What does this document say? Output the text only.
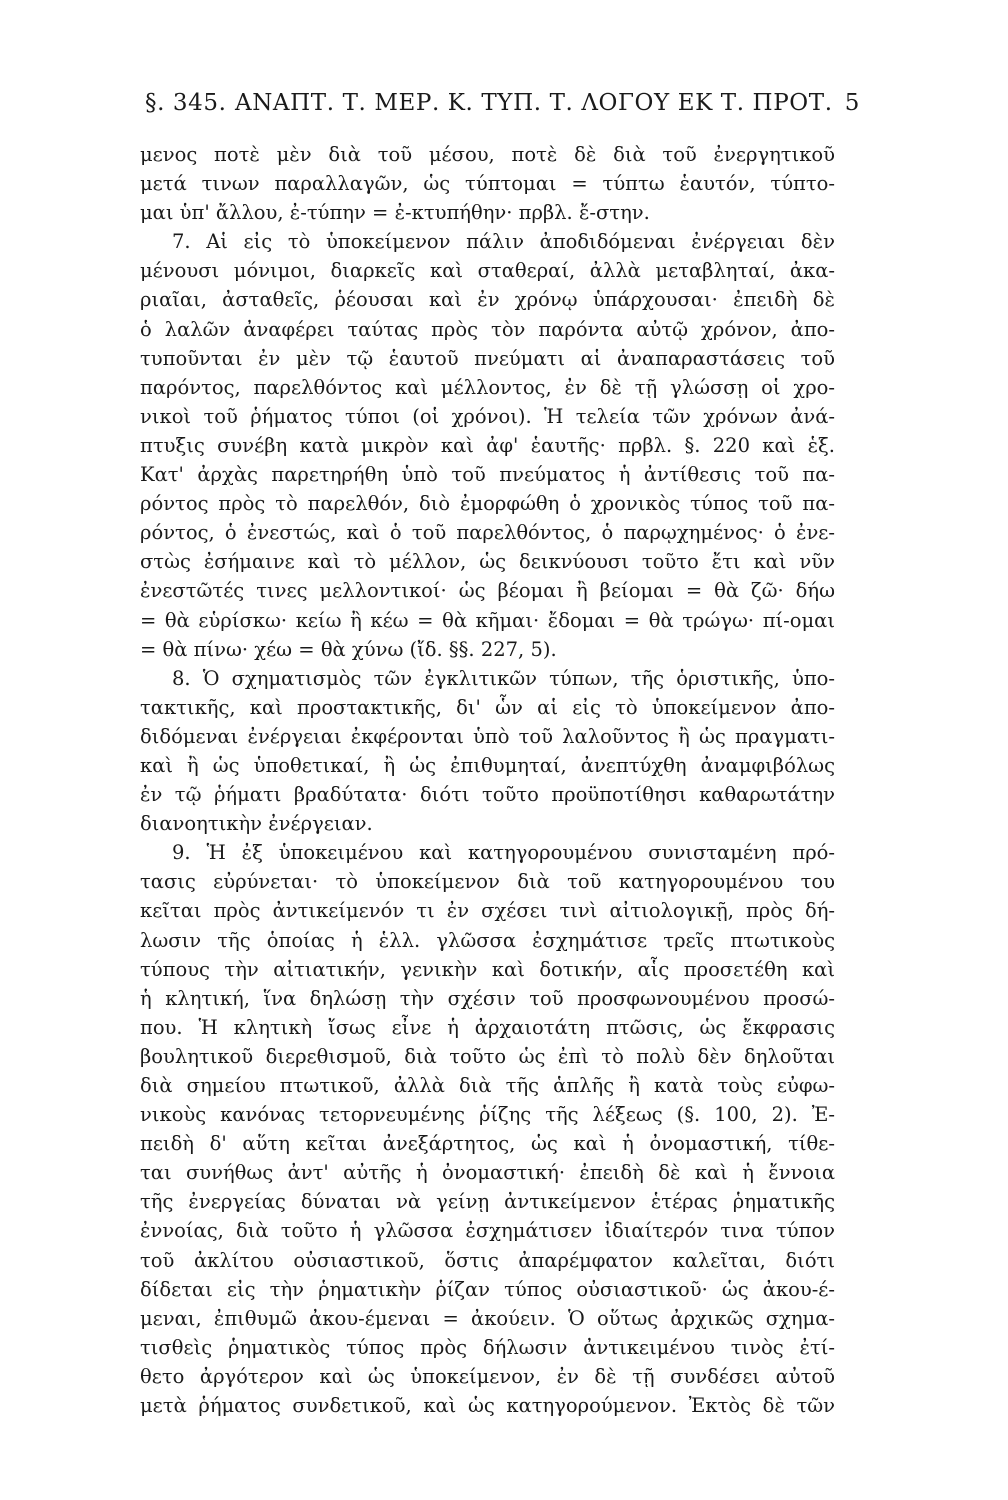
§. 345. ΑΝΑΠΤ. Τ. ΜΕΡ. Κ. ΤΥΠ. Τ. ΛΟΓΟΥ ΕΚ Τ. ΠΡΟΤ. 5
μενος ποτὲ μὲν διὰ τοῦ μέσου, ποτὲ δὲ διὰ τοῦ ἐνεργητικοῦ
μετά τινων παραλλαγῶν, ὡς τύπτομαι = τύπτω ἑαυτόν, τύπτο-
μαι ὑπ' ἄλλου, ἐ-τύπην = ἐ-κτυπήθην· πρβλ. ἔ-στην.
7. Αἱ εἰς τὸ ὑποκείμενον πάλιν ἀποδιδόμεναι ἐνέργειαι δὲν
μένουσι μόνιμοι, διαρκεῖς καὶ σταθεραί, ἀλλὰ μεταβληταί, ἀκα-
ριαῖαι, ἀσταθεῖς, ῥέουσαι καὶ ἐν χρόνῳ ὑπάρχουσαι· ἐπειδὴ δὲ
ὁ λαλῶν ἀναφέρει ταύτας πρὸς τὸν παρόντα αὐτῷ χρόνον, ἀπο-
τυποῦνται ἐν μὲν τῷ ἑαυτοῦ πνεύματι αἱ ἀναπαραστάσεις τοῦ
παρόντος, παρελθόντος καὶ μέλλοντος, ἐν δὲ τῇ γλώσσῃ οἱ χρο-
νικοὶ τοῦ ῥήματος τύποι (οἱ χρόνοι). Ἡ τελεία τῶν χρόνων ἀνά-
πτυξις συνέβη κατὰ μικρὸν καὶ ἀφ' ἑαυτῆς· πρβλ. §. 220 καὶ ἑξ.
Κατ' ἀρχὰς παρετηρήθη ὑπὸ τοῦ πνεύματος ἡ ἀντίθεσις τοῦ πα-
ρόντος πρὸς τὸ παρελθόν, διὸ ἐμορφώθη ὁ χρονικὸς τύπος τοῦ πα-
ρόντος, ὁ ἐνεστώς, καὶ ὁ τοῦ παρελθόντος, ὁ παρῳχημένος· ὁ ἐνε-
στὼς ἐσήμαινε καὶ τὸ μέλλον, ὡς δεικνύουσι τοῦτο ἔτι καὶ νῦν
ἐνεστῶτές τινες μελλοντικοί· ὡς βέομαι ἢ βείομαι = θὰ ζῶ· δήω
= θὰ εὑρίσκω· κείω ἢ κέω = θὰ κῆμαι· ἔδομαι = θὰ τρώγω· πί-ομαι
= θὰ πίνω· χέω = θὰ χύνω (ἴδ. §§. 227, 5).
8. Ὁ σχηματισμὸς τῶν ἐγκλιτικῶν τύπων, τῆς ὁριστικῆς, ὑπο-
τακτικῆς, καὶ προστακτικῆς, δι' ὧν αἱ εἰς τὸ ὑποκείμενον ἀπο-
διδόμεναι ἐνέργειαι ἐκφέρονται ὑπὸ τοῦ λαλοῦντος ἢ ὡς πραγματι-
καὶ ἢ ὡς ὑποθετικαί, ἢ ὡς ἐπιθυμηταί, ἀνεπτύχθη ἀναμφιβόλως
ἐν τῷ ῥήματι βραδύτατα· διότι τοῦτο προϋποτίθησι καθαρωτάτην
διανοητικὴν ἐνέργειαν.
9. Ἡ ἐξ ὑποκειμένου καὶ κατηγορουμένου συνισταμένη πρό-
τασις εὐρύνεται· τὸ ὑποκείμενον διὰ τοῦ κατηγορουμένου του
κεῖται πρὸς ἀντικείμενόν τι ἐν σχέσει τινὶ αἰτιολογικῇ, πρὸς δή-
λωσιν τῆς ὁποίας ἡ ἑλλ. γλῶσσα ἐσχημάτισε τρεῖς πτωτικοὺς
τύπους τὴν αἰτιατικήν, γενικὴν καὶ δοτικήν, αἷς προσετέθη καὶ
ἡ κλητική, ἵνα δηλώσῃ τὴν σχέσιν τοῦ προσφωνουμένου προσώ-
που. Ἡ κλητικὴ ἴσως εἶνε ἡ ἀρχαιοτάτη πτῶσις, ὡς ἔκφρασις
βουλητικοῦ διερεθισμοῦ, διὰ τοῦτο ὡς ἐπὶ τὸ πολὺ δὲν δηλοῦται
διὰ σημείου πτωτικοῦ, ἀλλὰ διὰ τῆς ἁπλῆς ἢ κατὰ τοὺς εὐφω-
νικοὺς κανόνας τετορνευμένης ῥίζης τῆς λέξεως (§. 100, 2). Ἐ-
πειδὴ δ' αὕτη κεῖται ἀνεξάρτητος, ὡς καὶ ἡ ὀνομαστική, τίθε-
ται συνήθως ἀντ' αὐτῆς ἡ ὀνομαστική· ἐπειδὴ δὲ καὶ ἡ ἔννοια
τῆς ἐνεργείας δύναται νὰ γείνῃ ἀντικείμενον ἑτέρας ῥηματικῆς
ἐννοίας, διὰ τοῦτο ἡ γλῶσσα ἐσχημάτισεν ἰδιαίτερόν τινα τύπον
τοῦ ἀκλίτου οὐσιαστικοῦ, ὅστις ἀπαρέμφατον καλεῖται, διότι
δίδεται εἰς τὴν ῥηματικὴν ῥίζαν τύπος οὐσιαστικοῦ· ὡς ἀκου-έ-
μεναι, ἐπιθυμῶ ἀκου-έμεναι = ἀκούειν. Ὁ οὕτως ἀρχικῶς σχημα-
τισθεὶς ῥηματικὸς τύπος πρὸς δήλωσιν ἀντικειμένου τινὸς ἐτί-
θετο ἀργότερον καὶ ὡς ὑποκείμενον, ἐν δὲ τῇ συνδέσει αὐτοῦ
μετὰ ῥήματος συνδετικοῦ, καὶ ὡς κατηγορούμενον. Ἐκτὸς δὲ τῶν
